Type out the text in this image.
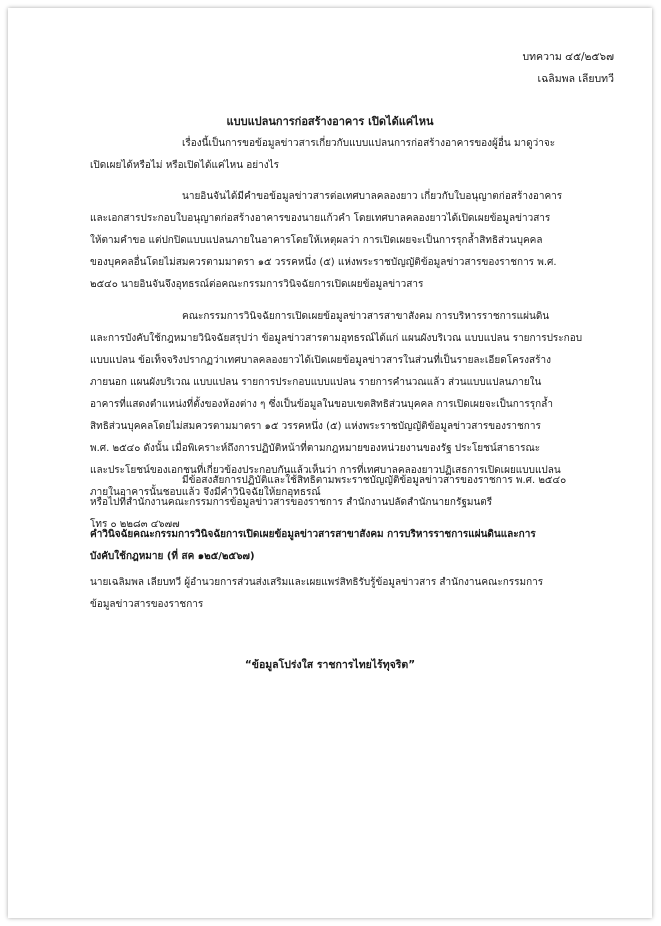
บทความ ๔๕/๒๕๖๗
เฉลิมพล เลียบทวี
แบบแปลนการก่อสร้างอาคาร เปิดได้แค่ไหน

เรื่องนี้เป็นการขอข้อมูลข่าวสารเกี่ยวกับแบบแปลนการก่อสร้างอาคารของผู้อื่น มาดูว่าจะ
เปิดเผยได้หรือไม่ หรือเปิดได้แค่ไหน อย่างไร

นายอินจันได้มีคำขอข้อมูลข่าวสารต่อเทศบาลคลองยาว เกี่ยวกับใบอนุญาตก่อสร้างอาคาร
และเอกสารประกอบใบอนุญาตก่อสร้างอาคารของนายแก้วคำ โดยเทศบาลคลองยาวได้เปิดเผยข้อมูลข่าวสาร
ให้ตามคำขอ แต่ปกปิดแบบแปลนภายในอาคารโดยให้เหตุผลว่า การเปิดเผยจะเป็นการรุกล้ำสิทธิส่วนบุคคล
ของบุคคลอื่นโดยไม่สมควรตามมาตรา ๑๕ วรรคหนึ่ง (๕) แห่งพระราชบัญญัติข้อมูลข่าวสารของราชการ พ.ศ.
๒๕๔๐ นายอินจันจึงอุทธรณ์ต่อคณะกรรมการวินิจฉัยการเปิดเผยข้อมูลข่าวสาร

คณะกรรมการวินิจฉัยการเปิดเผยข้อมูลข่าวสารสาขาสังคม การบริหารราชการแผ่นดิน
และการบังคับใช้กฎหมายวินิจฉัยสรุปว่า ข้อมูลข่าวสารตามอุทธรณ์ได้แก่ แผนผังบริเวณ แบบแปลน รายการประกอบ
แบบแปลน ข้อเท็จจริงปรากฏว่าเทศบาลคลองยาวได้เปิดเผยข้อมูลข่าวสารในส่วนที่เป็นรายละเอียดโครงสร้าง
ภายนอก แผนผังบริเวณ แบบแปลน รายการประกอบแบบแปลน รายการคำนวณแล้ว ส่วนแบบแปลนภายใน
อาคารที่แสดงตำแหน่งที่ตั้งของห้องต่าง ๆ ซึ่งเป็นข้อมูลในขอบเขตสิทธิส่วนบุคคล การเปิดเผยจะเป็นการรุกล้ำ
สิทธิส่วนบุคคลโดยไม่สมควรตามมาตรา ๑๕ วรรคหนึ่ง (๕) แห่งพระราชบัญญัติข้อมูลข่าวสารของราชการ
พ.ศ. ๒๕๔๐ ดังนั้น เมื่อพิเคราะห์ถึงการปฏิบัติหน้าที่ตามกฎหมายของหน่วยงานของรัฐ ประโยชน์สาธารณะ
และประโยชน์ของเอกชนที่เกี่ยวข้องประกอบกันแล้วเห็นว่า การที่เทศบาลคลองยาวปฏิเสธการเปิดเผยแบบแปลน
ภายในอาคารนั้นชอบแล้ว จึงมีคำวินิจฉัยให้ยกอุทธรณ์

มีข้อสงสัยการปฏิบัติและใช้สิทธิตามพระราชบัญญัติข้อมูลข่าวสารของราชการ พ.ศ. ๒๕๔๐
หรือไปที่สำนักงานคณะกรรมการข้อมูลข่าวสารของราชการ สำนักงานปลัดสำนักนายกรัฐมนตรี
โทร ๐ ๒๒๘๓ ๔๖๗๗

คำวินิจฉัยคณะกรรมการวินิจฉัยการเปิดเผยข้อมูลข่าวสารสาขาสังคม การบริหารราชการแผ่นดินและการ
บังคับใช้กฎหมาย (ที่ สค ๑๒๕/๒๕๖๗)

นายเฉลิมพล เลียบทวี ผู้อำนวยการส่วนส่งเสริมและเผยแพร่สิทธิรับรู้ข้อมูลข่าวสาร สำนักงานคณะกรรมการ
ข้อมูลข่าวสารของราชการ

“ข้อมูลโปร่งใส ราชการไทยไร้ทุจริต”
